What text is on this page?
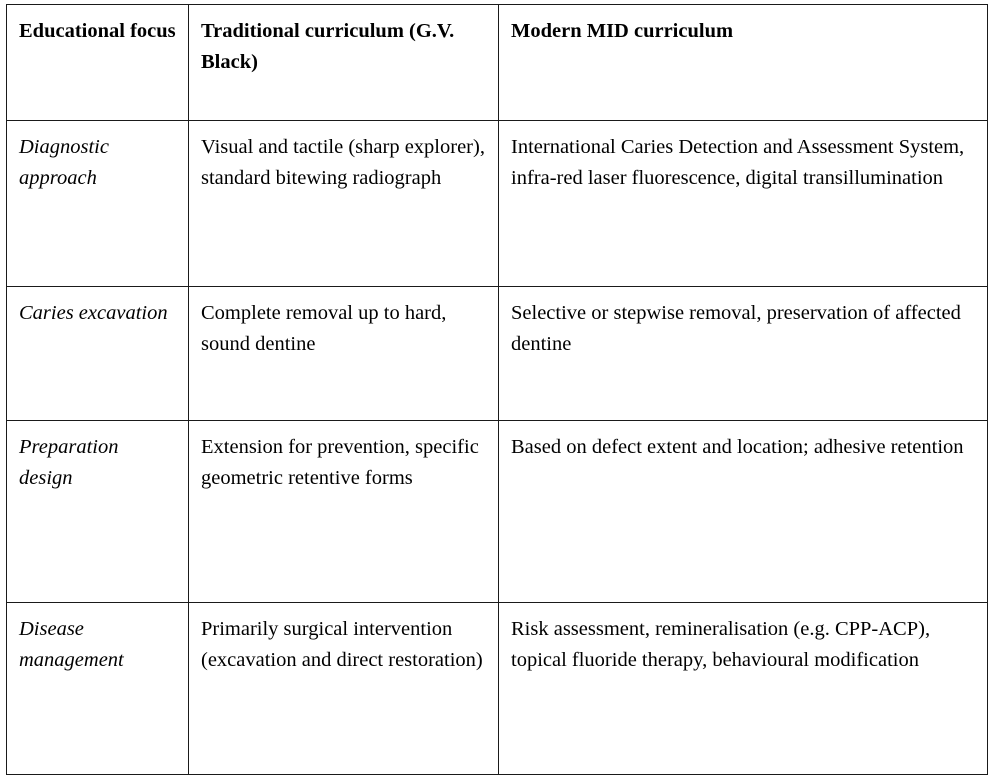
Educational focus	Traditional curriculum (G.V. Black)	Modern MID curriculum
Diagnostic approach	Visual and tactile (sharp explorer), standard bitewing radiograph	International Caries Detection and Assessment System, infra-red laser fluorescence, digital transillumination
Caries excavation	Complete removal up to hard, sound dentine	Selective or stepwise removal, preservation of affected dentine
Preparation design	Extension for prevention, specific geometric retentive forms	Based on defect extent and location; adhesive retention
Disease management	Primarily surgical intervention (excavation and direct restoration)	Risk assessment, remineralisation (e.g. CPP-ACP), topical fluoride therapy, behavioural modification
